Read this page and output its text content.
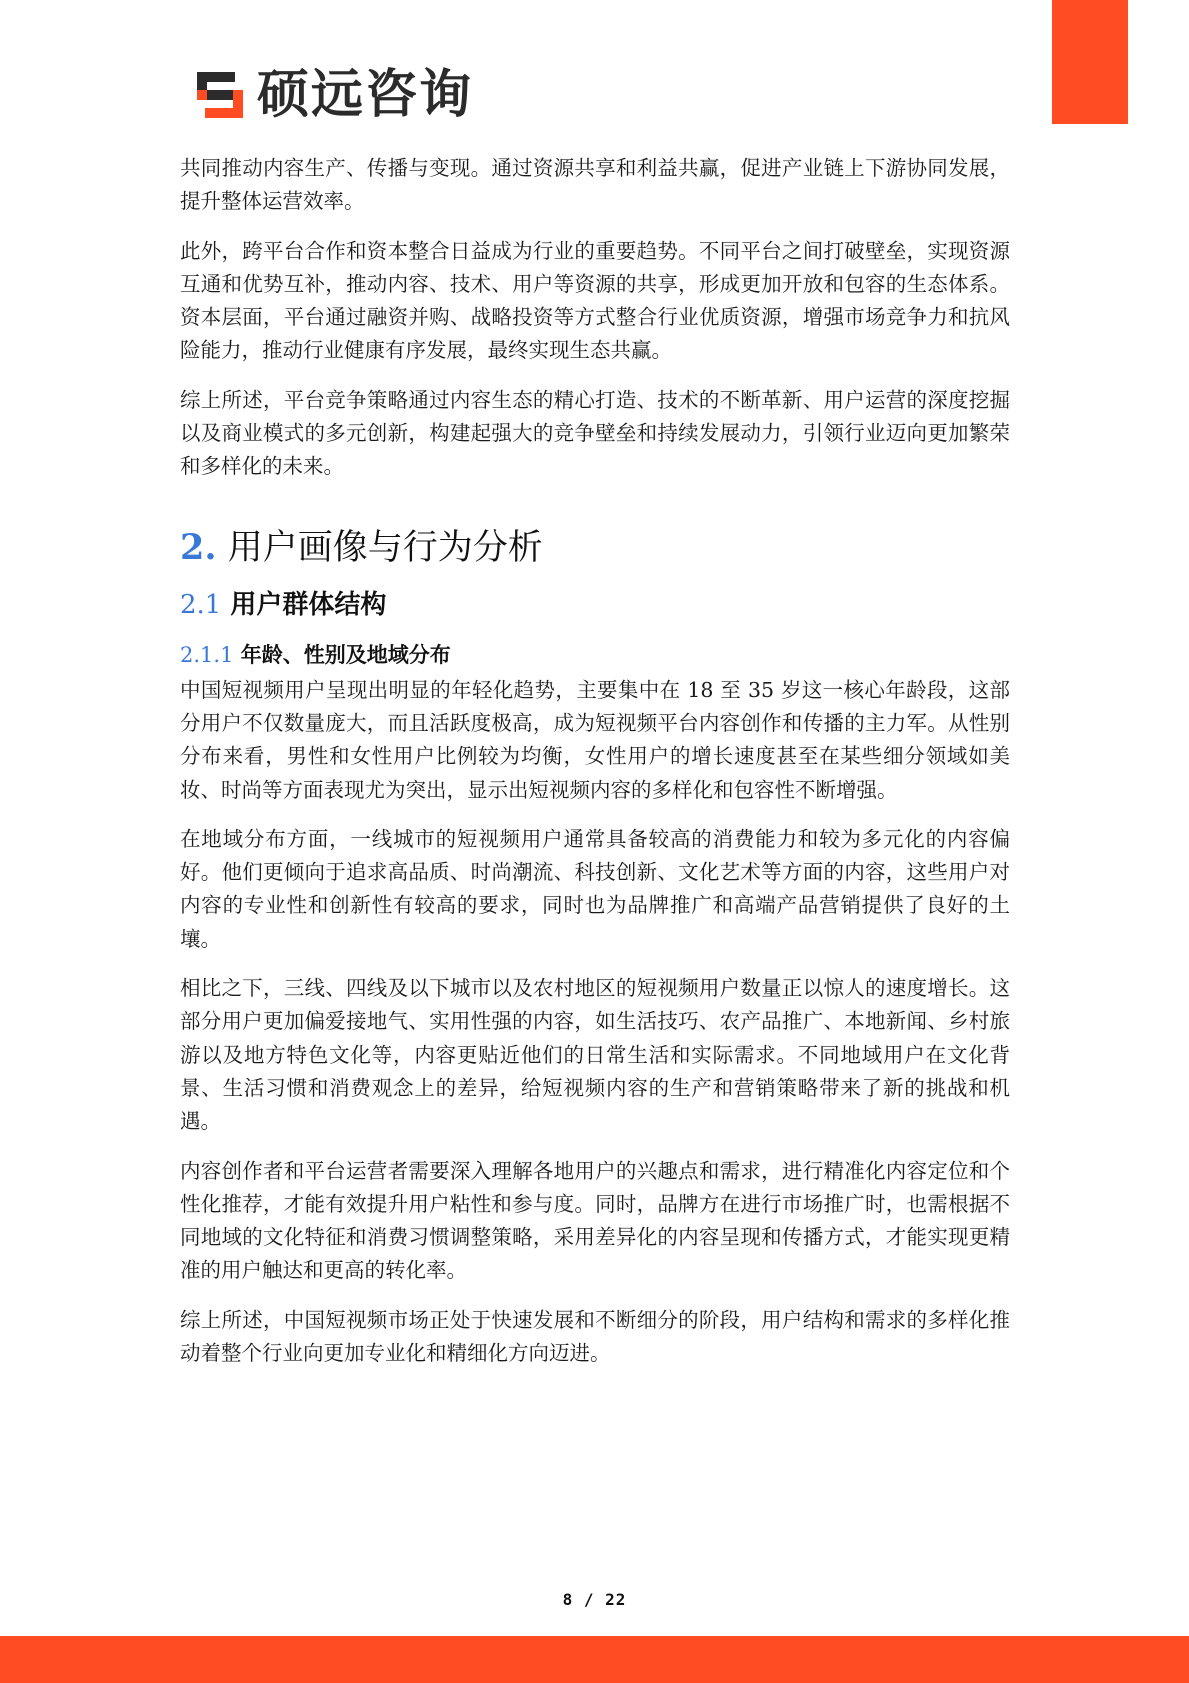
硕远咨询

共同推动内容生产、传播与变现。通过资源共享和利益共赢，促进产业链上下游协同发展，提升整体运营效率。

此外，跨平台合作和资本整合日益成为行业的重要趋势。不同平台之间打破壁垒，实现资源互通和优势互补，推动内容、技术、用户等资源的共享，形成更加开放和包容的生态体系。资本层面，平台通过融资并购、战略投资等方式整合行业优质资源，增强市场竞争力和抗风险能力，推动行业健康有序发展，最终实现生态共赢。

综上所述，平台竞争策略通过内容生态的精心打造、技术的不断革新、用户运营的深度挖掘以及商业模式的多元创新，构建起强大的竞争壁垒和持续发展动力，引领行业迈向更加繁荣和多样化的未来。

2. 用户画像与行为分析
2.1 用户群体结构
2.1.1 年龄、性别及地域分布

中国短视频用户呈现出明显的年轻化趋势，主要集中在 18 至 35 岁这一核心年龄段，这部分用户不仅数量庞大，而且活跃度极高，成为短视频平台内容创作和传播的主力军。从性别分布来看，男性和女性用户比例较为均衡，女性用户的增长速度甚至在某些细分领域如美妆、时尚等方面表现尤为突出，显示出短视频内容的多样化和包容性不断增强。

在地域分布方面，一线城市的短视频用户通常具备较高的消费能力和较为多元化的内容偏好。他们更倾向于追求高品质、时尚潮流、科技创新、文化艺术等方面的内容，这些用户对内容的专业性和创新性有较高的要求，同时也为品牌推广和高端产品营销提供了良好的土壤。

相比之下，三线、四线及以下城市以及农村地区的短视频用户数量正以惊人的速度增长。这部分用户更加偏爱接地气、实用性强的内容，如生活技巧、农产品推广、本地新闻、乡村旅游以及地方特色文化等，内容更贴近他们的日常生活和实际需求。不同地域用户在文化背景、生活习惯和消费观念上的差异，给短视频内容的生产和营销策略带来了新的挑战和机遇。

内容创作者和平台运营者需要深入理解各地用户的兴趣点和需求，进行精准化内容定位和个性化推荐，才能有效提升用户粘性和参与度。同时，品牌方在进行市场推广时，也需根据不同地域的文化特征和消费习惯调整策略，采用差异化的内容呈现和传播方式，才能实现更精准的用户触达和更高的转化率。

综上所述，中国短视频市场正处于快速发展和不断细分的阶段，用户结构和需求的多样化推动着整个行业向更加专业化和精细化方向迈进。

8 / 22
